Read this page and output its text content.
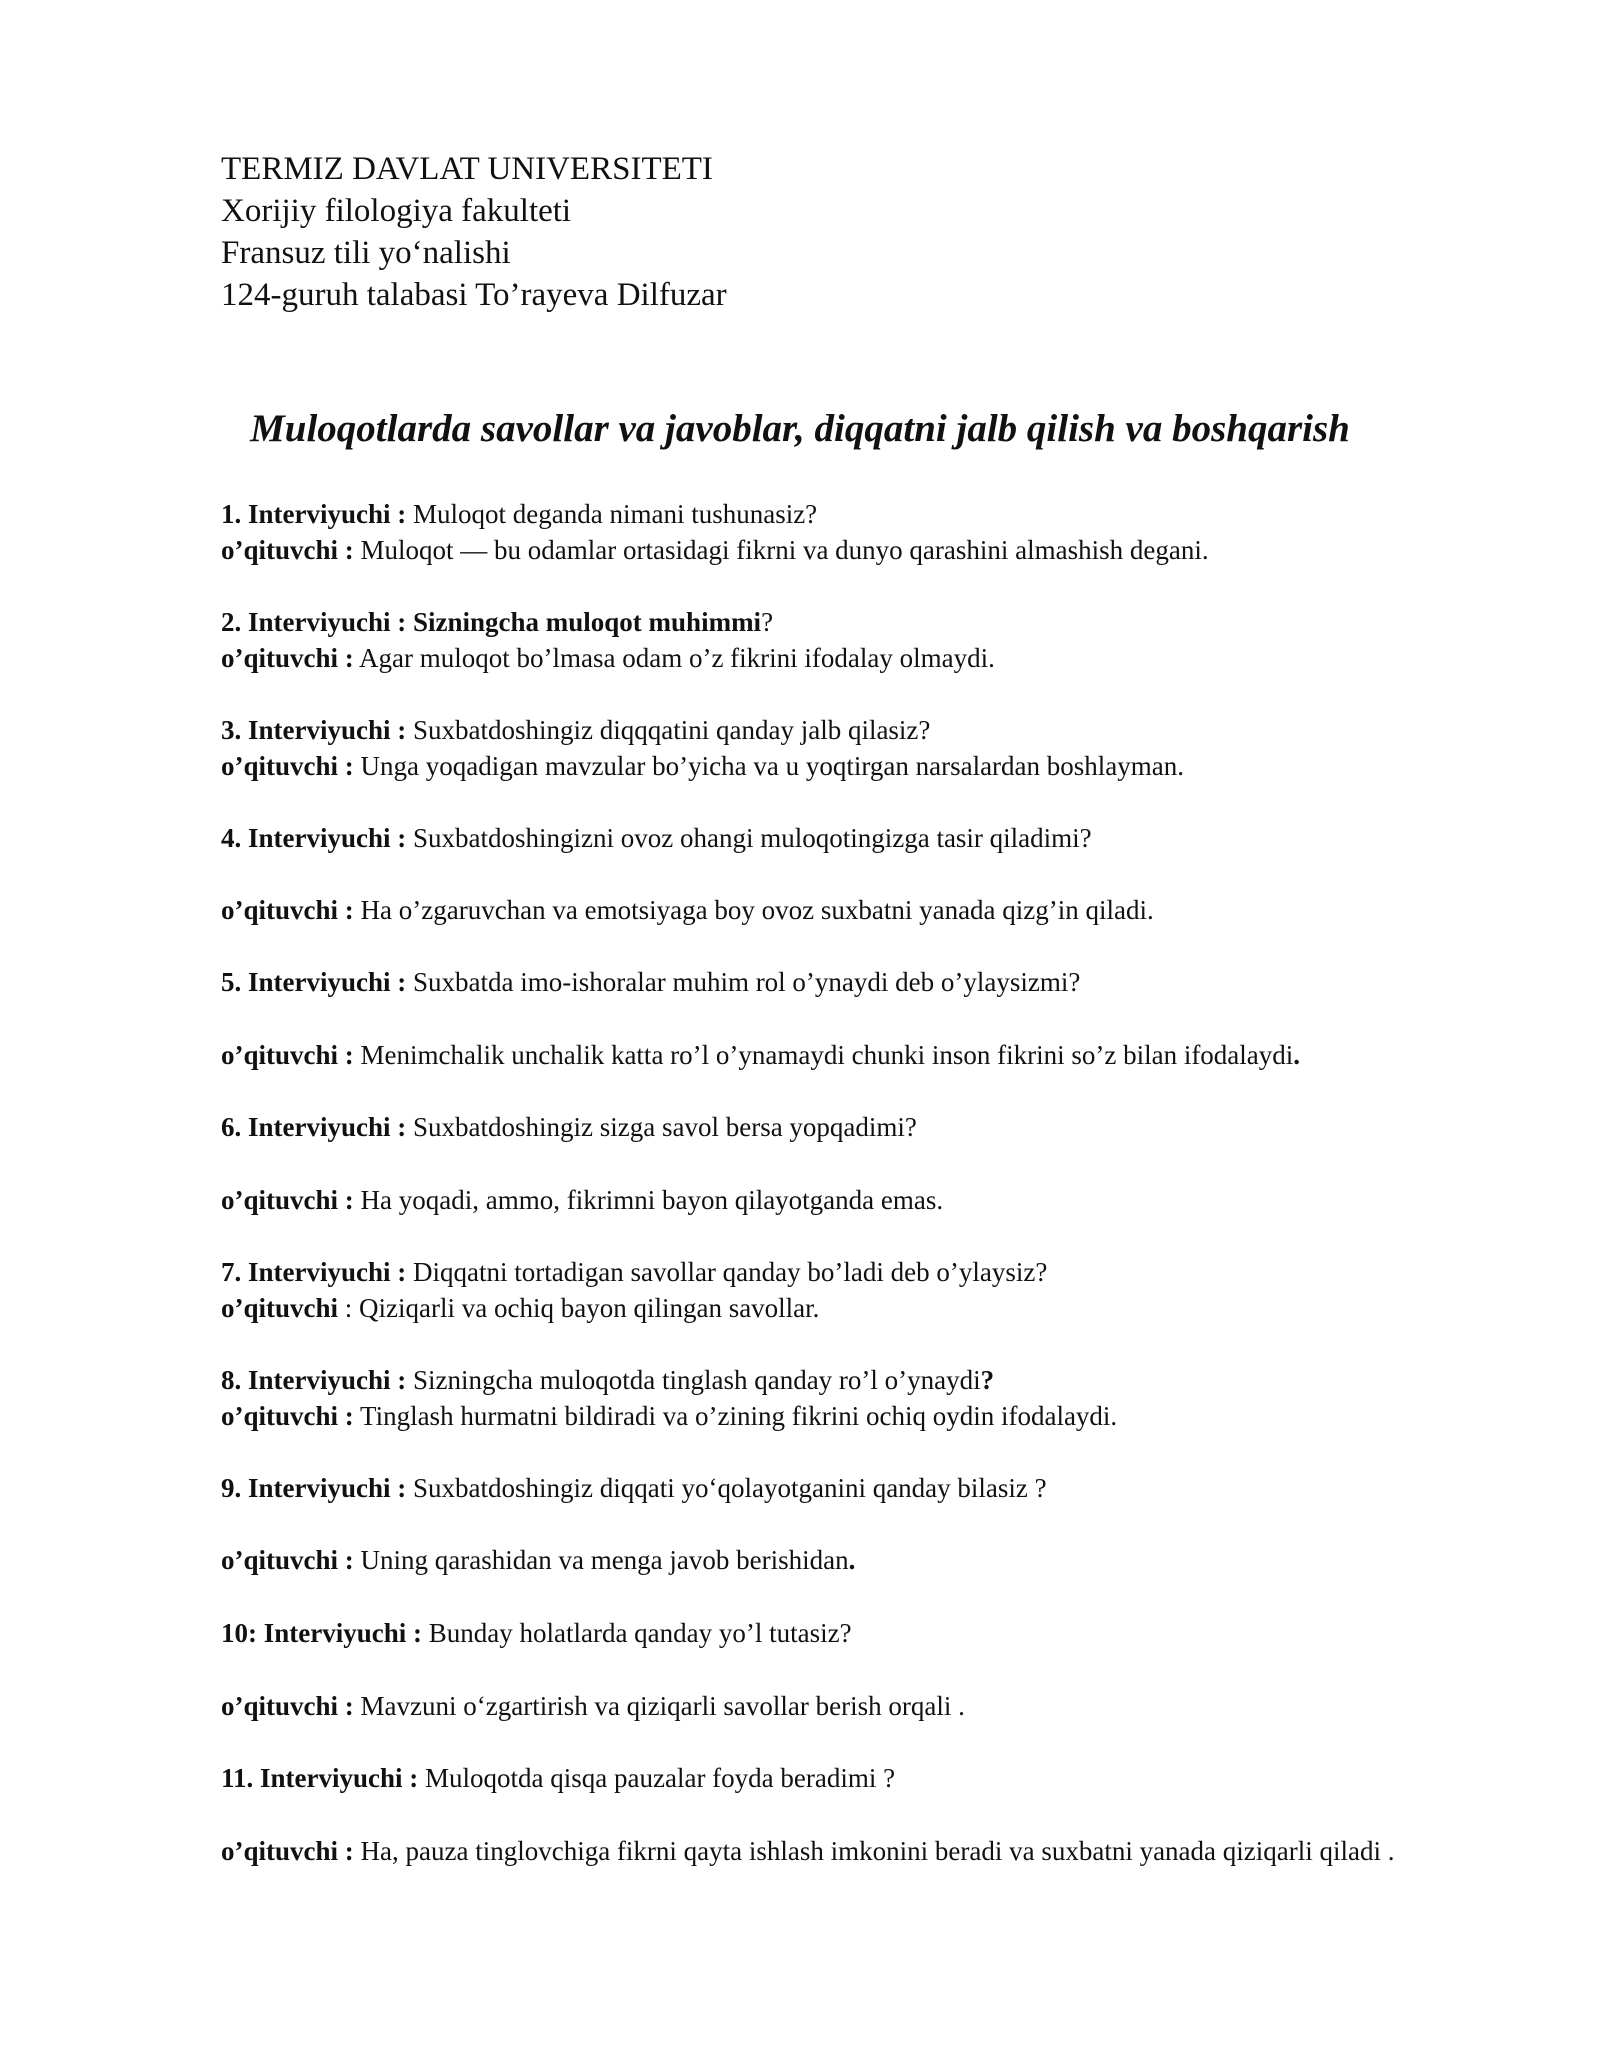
TERMIZ DAVLAT UNIVERSITETI
Xorijiy filologiya fakulteti
Fransuz tili yo‘nalishi
124-guruh talabasi To’rayeva Dilfuzar
Muloqotlarda savollar va javoblar, diqqatni jalb qilish va boshqarish
1. Interviyuchi : Muloqot deganda nimani tushunasiz?
o’qituvchi : Muloqot — bu odamlar ortasidagi fikrni va dunyo qarashini almashish degani.
2. Interviyuchi : Sizningcha muloqot muhimmi?
o’qituvchi : Agar muloqot bo’lmasa odam o’z fikrini ifodalay olmaydi.
3. Interviyuchi : Suxbatdoshingiz diqqqatini qanday jalb qilasiz?
o’qituvchi : Unga yoqadigan mavzular bo’yicha va u yoqtirgan narsalardan boshlayman.
4. Interviyuchi : Suxbatdoshingizni ovoz ohangi muloqotingizga tasir qiladimi?
o’qituvchi : Ha o’zgaruvchan va emotsiyaga boy ovoz suxbatni yanada qizg’in qiladi.
5. Interviyuchi : Suxbatda imo-ishoralar muhim rol o’ynaydi deb o’ylaysizmi?
o’qituvchi : Menimchalik unchalik katta ro’l o’ynamaydi chunki inson fikrini so’z bilan ifodalaydi.
6. Interviyuchi : Suxbatdoshingiz sizga savol bersa yopqadimi?
o’qituvchi : Ha yoqadi, ammo, fikrimni bayon qilayotganda emas.
7. Interviyuchi : Diqqatni tortadigan savollar qanday bo’ladi deb o’ylaysiz?
o’qituvchi : Qiziqarli va ochiq bayon qilingan savollar.
8. Interviyuchi : Sizningcha muloqotda tinglash qanday ro’l o’ynaydi?
o’qituvchi : Tinglash hurmatni bildiradi va o’zining fikrini ochiq oydin ifodalaydi.
9. Interviyuchi : Suxbatdoshingiz diqqati yo‘qolayotganini qanday bilasiz ?
o’qituvchi : Uning qarashidan va menga javob berishidan.
10: Interviyuchi : Bunday holatlarda qanday yo’l tutasiz?
o’qituvchi : Mavzuni o‘zgartirish va qiziqarli savollar berish orqali .
11. Interviyuchi : Muloqotda qisqa pauzalar foyda beradimi ?
o’qituvchi : Ha, pauza tinglovchiga fikrni qayta ishlash imkonini beradi va suxbatni yanada qiziqarli qiladi .
